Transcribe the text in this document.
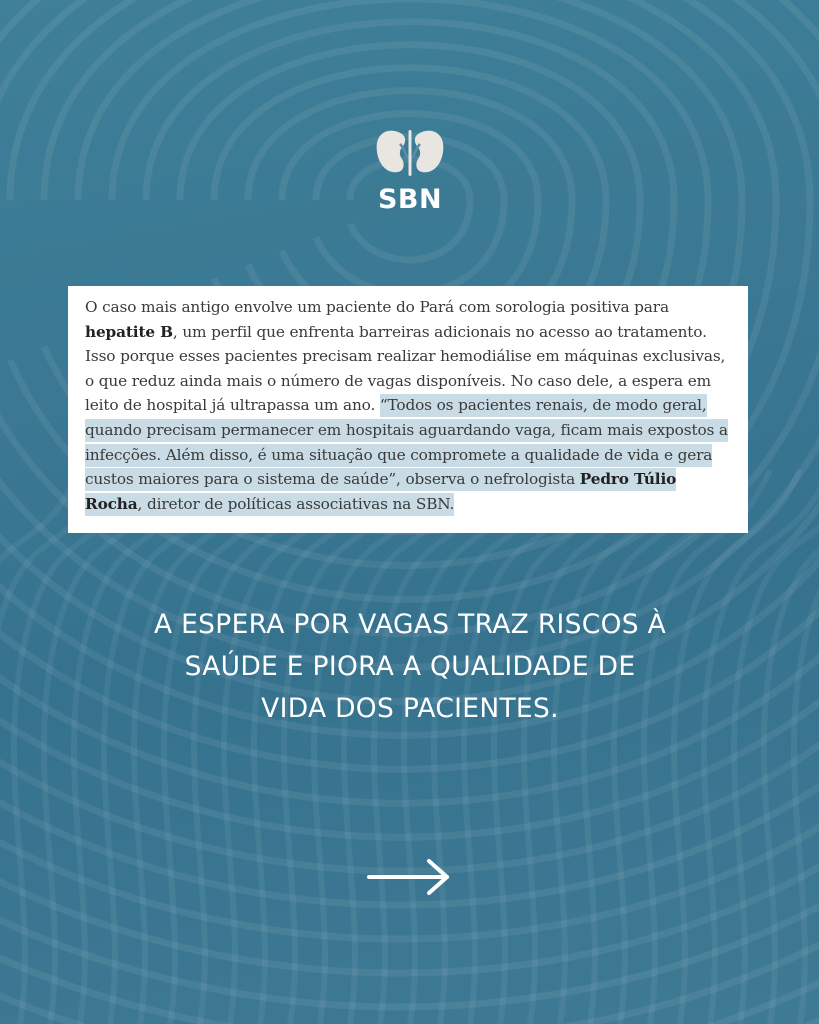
SBN

O caso mais antigo envolve um paciente do Pará com sorologia positiva para hepatite B, um perfil que enfrenta barreiras adicionais no acesso ao tratamento. Isso porque esses pacientes precisam realizar hemodiálise em máquinas exclusivas, o que reduz ainda mais o número de vagas disponíveis. No caso dele, a espera em leito de hospital já ultrapassa um ano. “Todos os pacientes renais, de modo geral, quando precisam permanecer em hospitais aguardando vaga, ficam mais expostos a infecções. Além disso, é uma situação que compromete a qualidade de vida e gera custos maiores para o sistema de saúde”, observa o nefrologista Pedro Túlio Rocha, diretor de políticas associativas na SBN.

A ESPERA POR VAGAS TRAZ RISCOS À
SAÚDE E PIORA A QUALIDADE DE
VIDA DOS PACIENTES.
